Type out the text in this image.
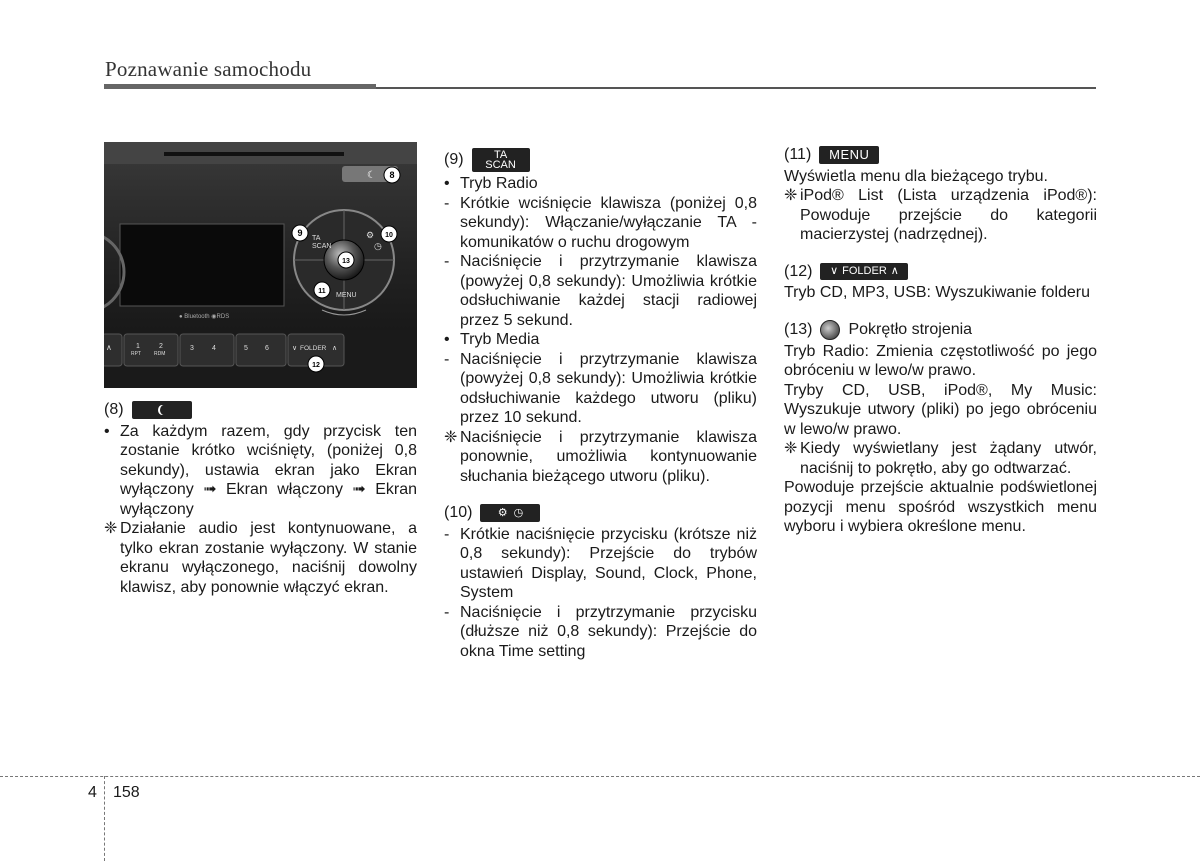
Poznawanie samochodu
☾
TA
SCAN
MENU
⚙
◷
● Bluetooth ◉RDS
∧	1
RPT
2
RDM
3	4	5 6	∨ FOLDER ∧
8
9	10
11
12
13
(8)
• Za każdym razem, gdy przycisk ten zostanie krótko wciśnięty, (poniżej 0,8 sekundy), ustawia ekran jako Ekran wyłączony ➟ Ekran włączony ➟ Ekran wyłączony
❈ Działanie audio jest kontynuowane, a tylko ekran zostanie wyłączony. W stanie ekranu wyłączonego, naciśnij dowolny klawisz, aby ponownie włączyć ekran.
(9)	TA
SCAN
• Tryb Radio
- Krótkie wciśnięcie klawisza (poniżej 0,8 sekundy): Włączanie/wyłączanie TA - komunikatów o ruchu drogowym
- Naciśnięcie i przytrzymanie klawisza (powyżej 0,8 sekundy): Umożliwia krótkie odsłuchiwanie każdej stacji radiowej przez 5 sekund.
• Tryb Media
- Naciśnięcie i przytrzymanie klawisza (powyżej 0,8 sekundy): Umożliwia krótkie odsłuchiwanie każdego utworu (pliku) przez 10 sekund.
❈ Naciśnięcie i przytrzymanie klawisza ponownie, umożliwia kontynuowanie słuchania bieżącego utworu (pliku).
(10) ⚙ ◷
- Krótkie naciśnięcie przycisku (krótsze niż 0,8 sekundy): Przejście do trybów ustawień Display, Sound, Clock, Phone, System
- Naciśnięcie i przytrzymanie przycisku (dłuższe niż 0,8 sekundy): Przejście do okna Time setting
(11)	MENU
Wyświetla menu dla bieżącego trybu.
❈ iPod® List (Lista urządzenia iPod®): Powoduje przejście do kategorii macierzystej (nadrzędnej).
(12) ∨ FOLDER ∧
Tryb CD, MP3, USB: Wyszukiwanie folderu
(13) Pokrętło strojenia
Tryb Radio: Zmienia częstotliwość po jego obróceniu w lewo/w prawo.
Tryby CD, USB, iPod®, My Music: Wyszukuje utwory (pliki) po jego obróceniu w lewo/w prawo.
❈ Kiedy wyświetlany jest żądany utwór, naciśnij to pokrętło, aby go odtwarzać.
Powoduje przejście aktualnie podświetlonej pozycji menu spośród wszystkich menu wyboru i wybiera określone menu.
4 158
